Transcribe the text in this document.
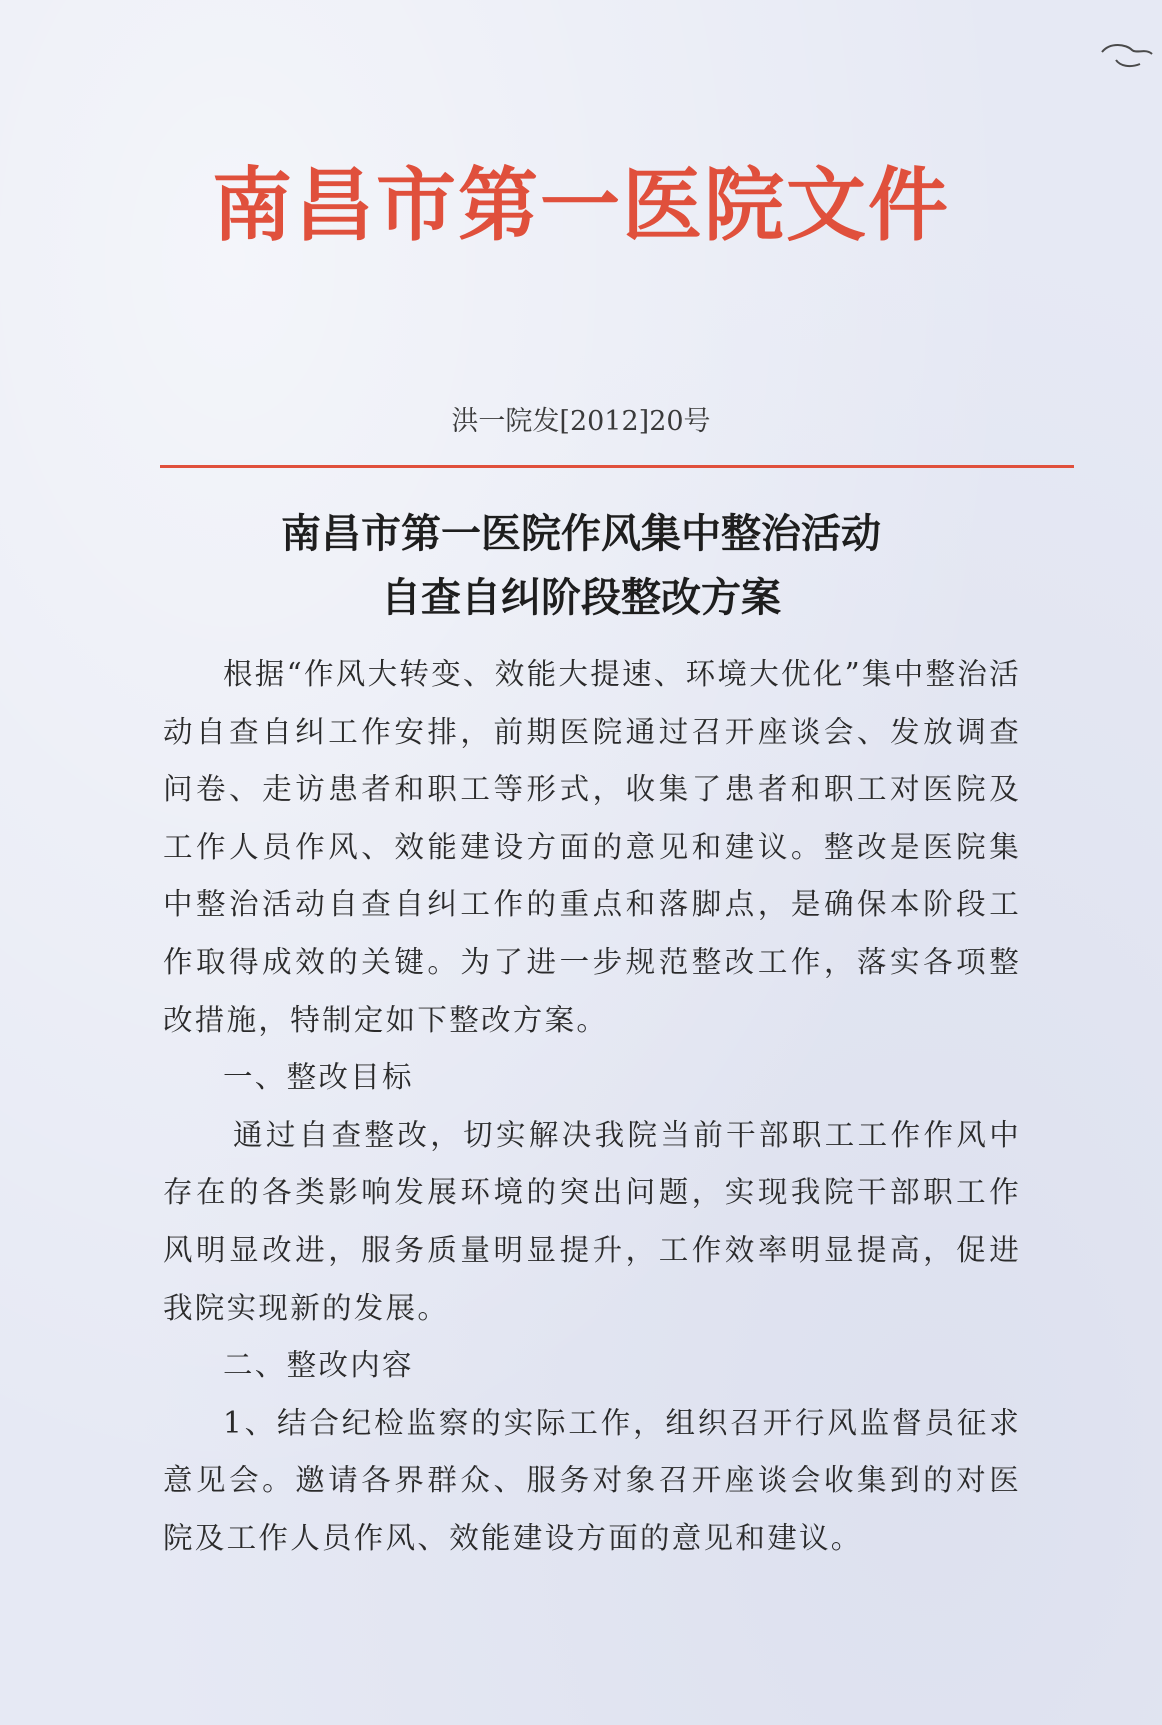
南昌市第一医院文件
洪一院发[2012]20号
南昌市第一医院作风集中整治活动
自查自纠阶段整改方案

根据“作风大转变、效能大提速、环境大优化”集中整治活动自查自纠工作安排，前期医院通过召开座谈会、发放调查问卷、走访患者和职工等形式，收集了患者和职工对医院及工作人员作风、效能建设方面的意见和建议。整改是医院集中整治活动自查自纠工作的重点和落脚点，是确保本阶段工作取得成效的关键。为了进一步规范整改工作，落实各项整改措施，特制定如下整改方案。

一、整改目标

通过自查整改，切实解决我院当前干部职工工作作风中存在的各类影响发展环境的突出问题，实现我院干部职工作风明显改进，服务质量明显提升，工作效率明显提高，促进我院实现新的发展。

二、整改内容

1、结合纪检监察的实际工作，组织召开行风监督员征求意见会。邀请各界群众、服务对象召开座谈会收集到的对医院及工作人员作风、效能建设方面的意见和建议。
